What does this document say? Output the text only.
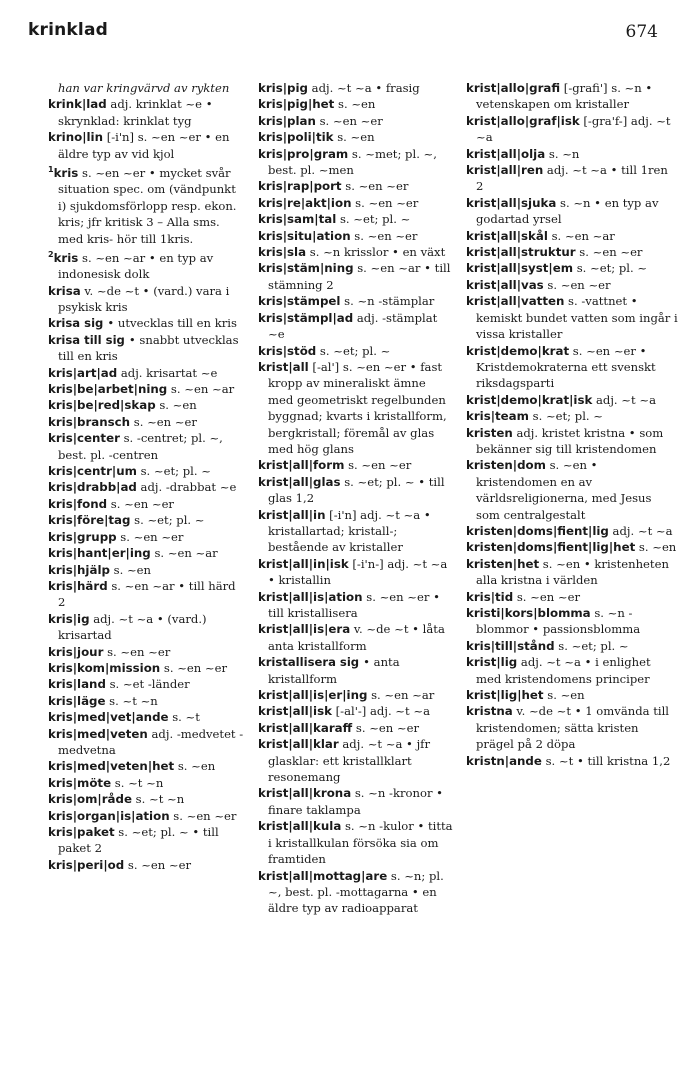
krinklad	674
han var kringvärvd av rykten
krink|lad adj. krinklat ~e • skrynklad: krinklat tyg
krino|lin [-i'n] s. ~en ~er • en äldre typ av vid kjol
$^1$kris s. ~en ~er • mycket svår situation spec. om (vändpunkt i) sjukdomsförlopp resp. ekon. kris; jfr kritisk 3 – Alla sms. med kris- hör till 1kris.
$^2$kris s. ~en ~ar • en typ av indonesisk dolk
krisa v. ~de ~t • (vard.) vara i psykisk kris
krisa sig • utvecklas till en kris
krisa till sig • snabbt utvecklas till en kris
kris|art|ad adj. krisartat ~e
kris|be|arbet|ning s. ~en ~ar
kris|be|red|skap s. ~en
kris|bransch s. ~en ~er
kris|center s. -centret; pl. ~, best. pl. -centren
kris|centr|um s. ~et; pl. ~
kris|drabb|ad adj. -drabbat ~e
kris|fond s. ~en ~er
kris|före|tag s. ~et; pl. ~
kris|grupp s. ~en ~er
kris|hant|er|ing s. ~en ~ar
kris|hjälp s. ~en
kris|härd s. ~en ~ar • till härd 2
kris|ig adj. ~t ~a • (vard.) krisartad
kris|jour s. ~en ~er
kris|kom|mission s. ~en ~er
kris|land s. ~et -länder
kris|läge s. ~t ~n
kris|med|vet|ande s. ~t
kris|med|veten adj. -medvetet -medvetna
kris|med|veten|het s. ~en
kris|möte s. ~t ~n
kris|om|råde s. ~t ~n
kris|organ|is|ation s. ~en ~er
kris|paket s. ~et; pl. ~ • till paket 2
kris|peri|od s. ~en ~er
kris|pig adj. ~t ~a • frasig
kris|pig|het s. ~en
kris|plan s. ~en ~er
kris|poli|tik s. ~en
kris|pro|gram s. ~met; pl. ~, best. pl. ~men
kris|rap|port s. ~en ~er
kris|re|akt|ion s. ~en ~er
kris|sam|tal s. ~et; pl. ~
kris|situ|ation s. ~en ~er
kris|sla s. ~n krisslor • en växt
kris|stäm|ning s. ~en ~ar • till stämning 2
kris|stämpel s. ~n -stämplar
kris|stämpl|ad adj. -stämplat ~e
kris|stöd s. ~et; pl. ~
krist|all [-al'] s. ~en ~er • fast kropp av mineraliskt ämne med geometriskt regelbunden byggnad; kvarts i kristallform, bergkristall; föremål av glas med hög glans
krist|all|form s. ~en ~er
krist|all|glas s. ~et; pl. ~ • till glas 1,2
krist|all|in [-i'n] adj. ~t ~a • kristallartad; kristall-; bestående av kristaller
krist|all|in|isk [-i'n-] adj. ~t ~a • kristallin
krist|all|is|ation s. ~en ~er • till kristallisera
krist|all|is|era v. ~de ~t • låta anta kristallform
kristallisera sig • anta kristallform
krist|all|is|er|ing s. ~en ~ar
krist|all|isk [-al'-] adj. ~t ~a
krist|all|karaff s. ~en ~er
krist|all|klar adj. ~t ~a • jfr glasklar: ett kristallklart resonemang
krist|all|krona s. ~n -kronor • finare taklampa
krist|all|kula s. ~n -kulor • titta i kristallkulan försöka sia om framtiden
krist|all|mottag|are s. ~n; pl. ~, best. pl. -mottagarna • en äldre typ av radioapparat
krist|allo|grafi [-grafi'] s. ~n • vetenskapen om kristaller
krist|allo|graf|isk [-gra'f-] adj. ~t ~a
krist|all|olja s. ~n
krist|all|ren adj. ~t ~a • till 1ren 2
krist|all|sjuka s. ~n • en typ av godartad yrsel
krist|all|skål s. ~en ~ar
krist|all|struktur s. ~en ~er
krist|all|syst|em s. ~et; pl. ~
krist|all|vas s. ~en ~er
krist|all|vatten s. -vattnet • kemiskt bundet vatten som ingår i vissa kristaller
krist|demo|krat s. ~en ~er • Kristdemokraterna ett svenskt riksdagsparti
krist|demo|krat|isk adj. ~t ~a
kris|team s. ~et; pl. ~
kristen adj. kristet kristna • som bekänner sig till kristendomen
kristen|dom s. ~en • kristendomen en av världsreligionerna, med Jesus som centralgestalt
kristen|doms|fient|lig adj. ~t ~a
kristen|doms|fient|lig|het s. ~en
kristen|het s. ~en • kristenheten alla kristna i världen
kris|tid s. ~en ~er
kristi|kors|blomma s. ~n -blommor • passionsblomma
kris|till|stånd s. ~et; pl. ~
krist|lig adj. ~t ~a • i enlighet med kristendomens principer
krist|lig|het s. ~en
kristna v. ~de ~t • 1 omvända till kristendomen; sätta kristen prägel på 2 döpa
kristn|ande s. ~t • till kristna 1,2
